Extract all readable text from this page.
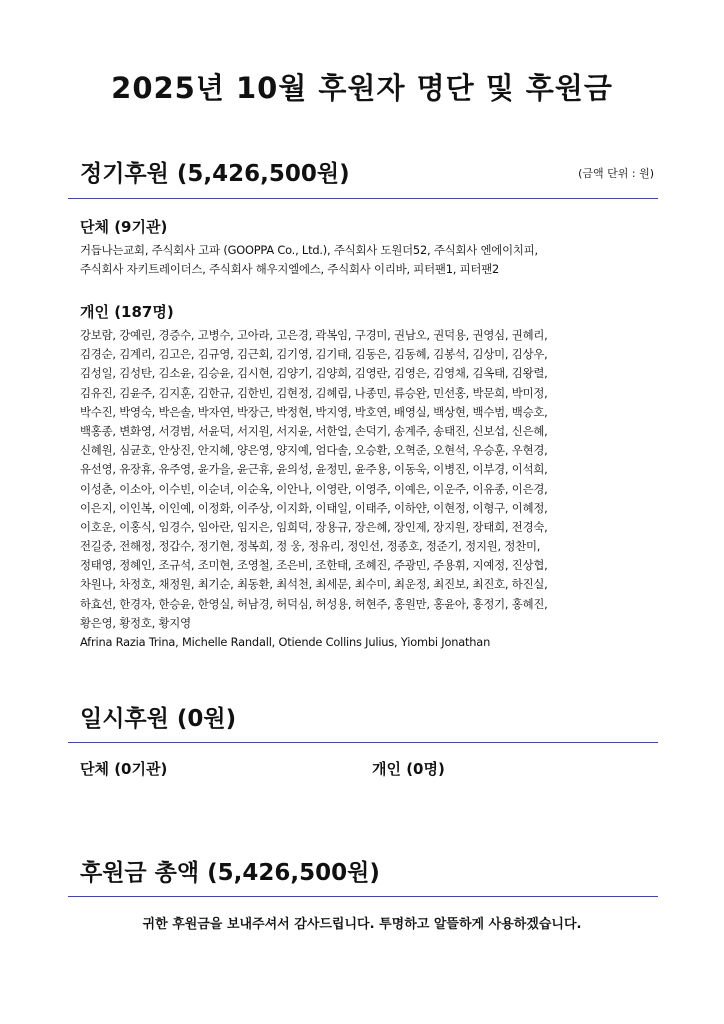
2025년 10월 후원자 명단 및 후원금
정기후원 (5,426,500원)	(금액 단위 : 원)
단체 (9기관)
거듭나는교회, 주식회사 고파 (GOOPPA Co., Ltd.), 주식회사 도원더52, 주식회사 엔에이치피,
주식회사 자키트레이더스, 주식회사 해우지엘에스, 주식회사 이리바, 피터팬1, 피터팬2
개인 (187명)
강보람, 강예린, 경증수, 고병수, 고아라, 고은경, 곽복임, 구경미, 권남오, 권덕용, 권영심, 권혜리,
김경순, 김계리, 김고은, 김규영, 김근회, 김기영, 김기태, 김동은, 김동혜, 김봉석, 김상미, 김상우,
김성일, 김성탄, 김소윤, 김승윤, 김시현, 김양기, 김양희, 김영란, 김영은, 김영채, 김옥태, 김왕렬,
김유진, 김윤주, 김지훈, 김한규, 김한빈, 김현정, 김혜림, 나종민, 류승완, 민선홍, 박문희, 박미정,
박수진, 박영숙, 박은솔, 박자연, 박장근, 박정현, 박지영, 박호연, 배영실, 백상현, 백수범, 백승호,
백홍종, 변화영, 서경범, 서윤덕, 서지원, 서지윤, 서한얼, 손덕기, 송계주, 송태진, 신보섭, 신은혜,
신혜원, 심균호, 안상진, 안지혜, 양은영, 양지예, 엄다솔, 오승환, 오혁준, 오현석, 우승훈, 우현경,
유선영, 유장휴, 유주영, 윤가을, 윤근휴, 윤의성, 윤정민, 윤주용, 이동욱, 이병진, 이부경, 이석희,
이성춘, 이소아, 이수빈, 이순녀, 이순옥, 이안나, 이영란, 이영주, 이예은, 이운주, 이유종, 이은경,
이은지, 이인복, 이인예, 이정화, 이주상, 이지화, 이태일, 이태주, 이하얀, 이현정, 이형구, 이혜정,
이호운, 이홍식, 임경수, 임아란, 임지은, 임희덕, 장용규, 장은혜, 장인제, 장지원, 장태희, 전경숙,
전길중, 전해정, 정갑수, 정기현, 정복희, 정 웅, 정유리, 정인선, 정종호, 정준기, 정지원, 정찬미,
정태영, 정혜인, 조규석, 조미현, 조영철, 조은비, 조한태, 조혜진, 주광민, 주용휘, 지예정, 진상협,
차원나, 차정호, 채정원, 최기순, 최동환, 최석천, 최세문, 최수미, 최운정, 최진보, 최진호, 하진실,
하효선, 한경자, 한승윤, 한영실, 허남경, 허덕심, 허성용, 허현주, 홍원만, 홍윤아, 홍정기, 홍혜진,
황은영, 황정호, 황지영
Afrina Razia Trina, Michelle Randall, Otiende Collins Julius, Yiombi Jonathan
일시후원 (0원)
단체 (0기관)	개인 (0명)
후원금 총액 (5,426,500원)
귀한 후원금을 보내주셔서 감사드립니다. 투명하고 알뜰하게 사용하겠습니다.
